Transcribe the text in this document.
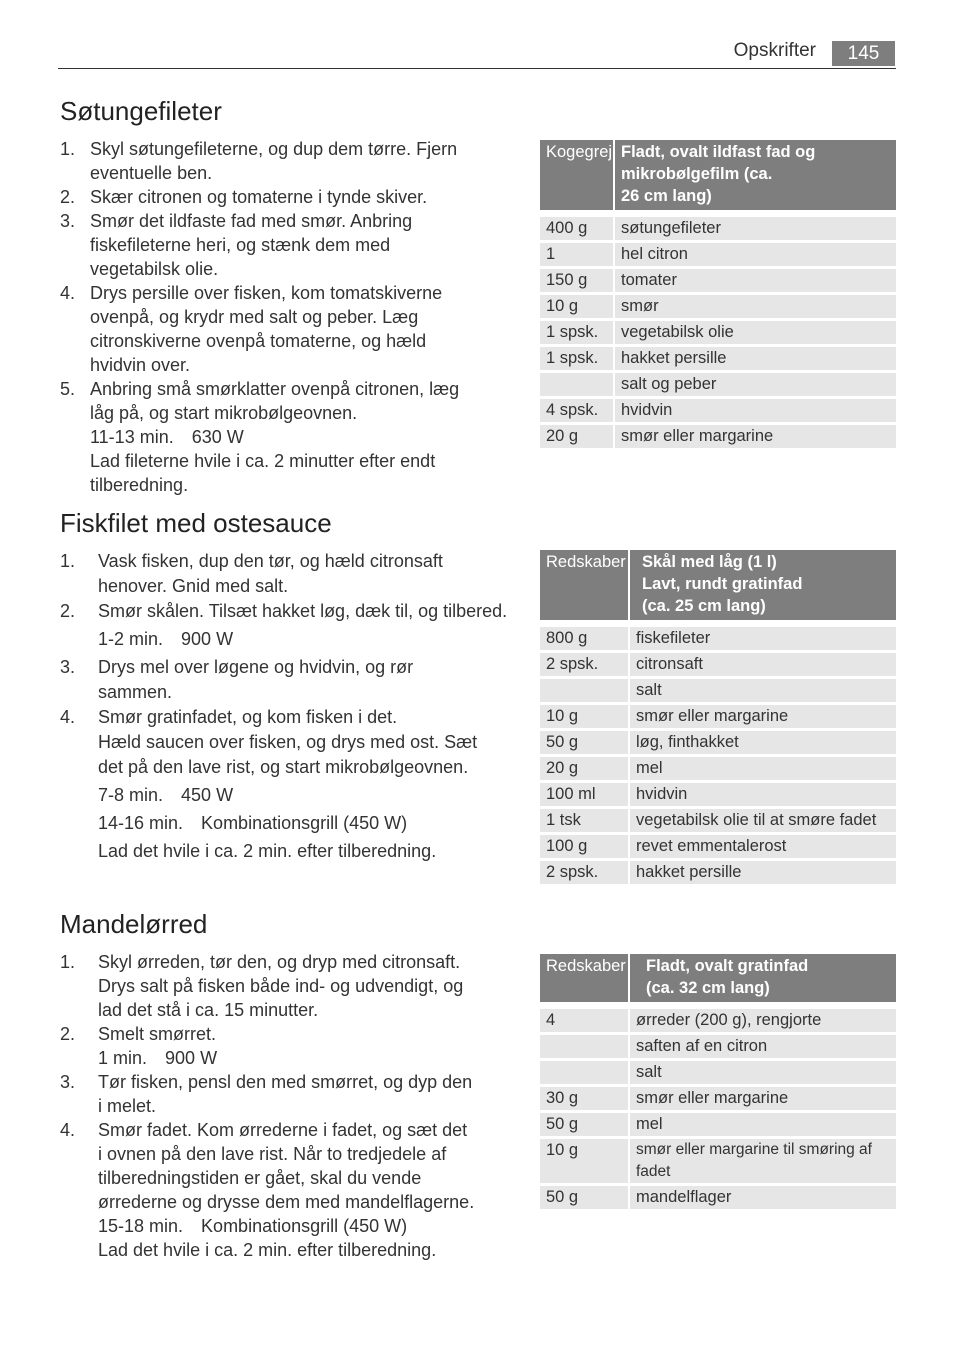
Opskrifter	145
Søtungefileter
1. Skyl søtungefileterne, og dup dem tørre. Fjern
eventuelle ben.
2. Skær citronen og tomaterne i tynde skiver.
3. Smør det ildfaste fad med smør. Anbring
fiskefileterne heri, og stænk dem med
vegetabilsk olie.
4. Drys persille over fisken, kom tomatskiverne
ovenpå, og krydr med salt og peber. Læg
citronskiverne ovenpå tomaterne, og hæld
hvidvin over.
5. Anbring små smørklatter ovenpå citronen, læg
låg på, og start mikrobølgeovnen.
11-13 min. 630 W
Lad fileterne hvile i ca. 2 minutter efter endt
tilberedning.
Kogegrej	Fladt, ovalt ildfast fad og
mikrobølgefilm (ca.
26 cm lang)

400 g	søtungefileter
1	hel citron
150 g	tomater
10 g	smør
1 spsk.	vegetabilsk olie
1 spsk.	hakket persille
	salt og peber
4 spsk.	hvidvin
20 g	smør eller margarine
Fiskfilet med ostesauce
1. Vask fisken, dup den tør, og hæld citronsaft
henover. Gnid med salt.
2. Smør skålen. Tilsæt hakket løg, dæk til, og tilbered.
1-2 min. 900 W
3. Drys mel over løgene og hvidvin, og rør
sammen.
4. Smør gratinfadet, og kom fisken i det.
Hæld saucen over fisken, og drys med ost. Sæt
det på den lave rist, og start mikrobølgeovnen.
7-8 min. 450 W
14-16 min. Kombinationsgrill (450 W)
Lad det hvile i ca. 2 min. efter tilberedning.
Redskaber	Skål med låg (1 l)
Lavt, rundt gratinfad
(ca. 25 cm lang)

800 g	fiskefileter
2 spsk.	citronsaft
	salt
10 g	smør eller margarine
50 g	løg, finthakket
20 g	mel
100 ml	hvidvin
1 tsk	vegetabilsk olie til at smøre fadet
100 g	revet emmentalerost
2 spsk.	hakket persille
Mandelørred
1. Skyl ørreden, tør den, og dryp med citronsaft.
Drys salt på fisken både ind- og udvendigt, og
lad det stå i ca. 15 minutter.
2. Smelt smørret.
1 min. 900 W
3. Tør fisken, pensl den med smørret, og dyp den
i melet.
4. Smør fadet. Kom ørrederne i fadet, og sæt det
i ovnen på den lave rist. Når to tredjedele af
tilberedningstiden er gået, skal du vende
ørrederne og drysse dem med mandelflagerne.
15-18 min. Kombinationsgrill (450 W)
Lad det hvile i ca. 2 min. efter tilberedning.
Redskaber	Fladt, ovalt gratinfad
(ca. 32 cm lang)

4	ørreder (200 g), rengjorte
	saften af en citron
	salt
30 g	smør eller margarine
50 g	mel
10 g	smør eller margarine til smøring af fadet
50 g	mandelflager
